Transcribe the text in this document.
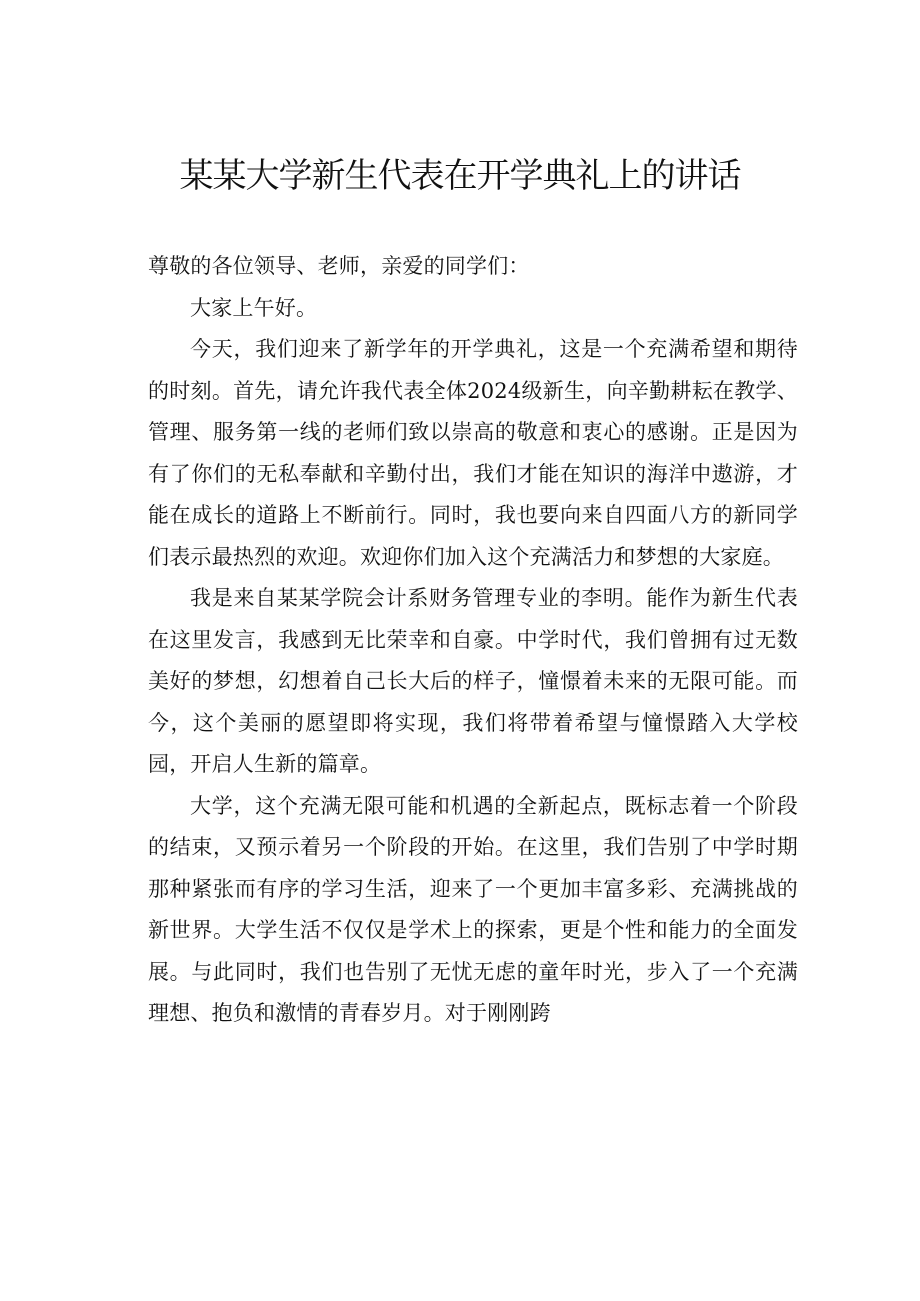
某某大学新生代表在开学典礼上的讲话

尊敬的各位领导、老师，亲爱的同学们：

大家上午好。

今天，我们迎来了新学年的开学典礼，这是一个充满希望和期待的时刻。首先，请允许我代表全体2024级新生，向辛勤耕耘在教学、管理、服务第一线的老师们致以崇高的敬意和衷心的感谢。正是因为有了你们的无私奉献和辛勤付出，我们才能在知识的海洋中遨游，才能在成长的道路上不断前行。同时，我也要向来自四面八方的新同学们表示最热烈的欢迎。欢迎你们加入这个充满活力和梦想的大家庭。

我是来自某某学院会计系财务管理专业的李明。能作为新生代表在这里发言，我感到无比荣幸和自豪。中学时代，我们曾拥有过无数美好的梦想，幻想着自己长大后的样子，憧憬着未来的无限可能。而今，这个美丽的愿望即将实现，我们将带着希望与憧憬踏入大学校园，开启人生新的篇章。

大学，这个充满无限可能和机遇的全新起点，既标志着一个阶段的结束，又预示着另一个阶段的开始。在这里，我们告别了中学时期那种紧张而有序的学习生活，迎来了一个更加丰富多彩、充满挑战的新世界。大学生活不仅仅是学术上的探索，更是个性和能力的全面发展。与此同时，我们也告别了无忧无虑的童年时光，步入了一个充满理想、抱负和激情的青春岁月。对于刚刚跨
